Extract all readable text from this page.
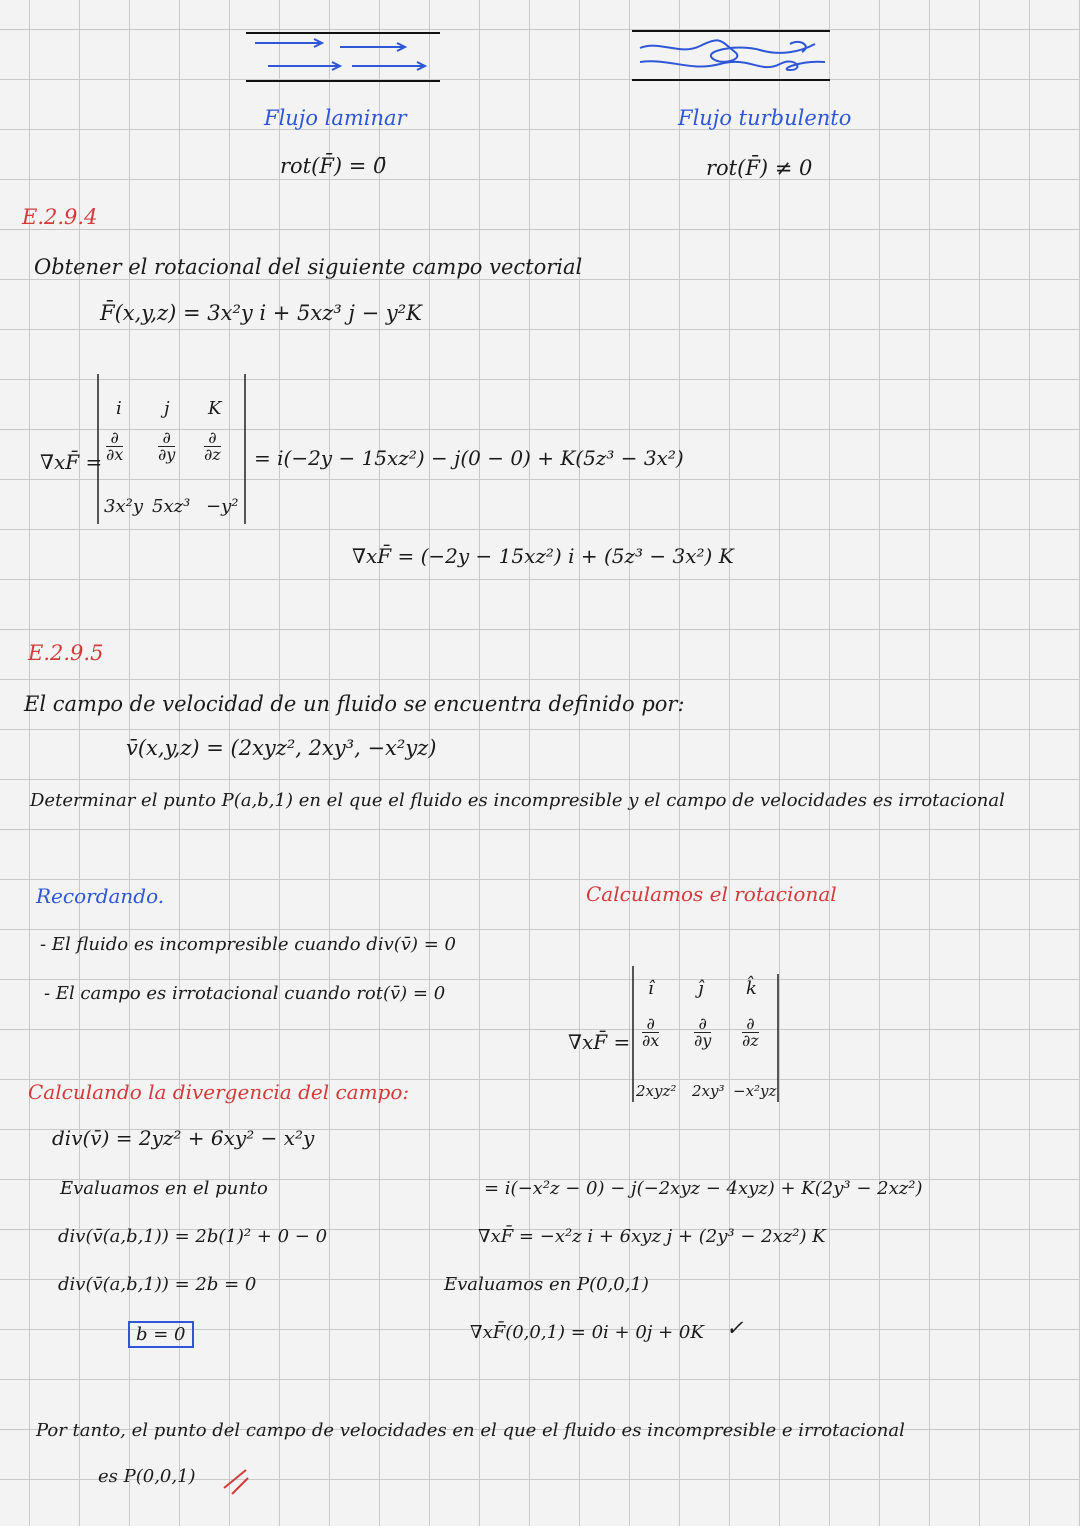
Flujo laminar
rot(F̄) = 0̄
Flujo turbulento
rot(F̄) ≠ 0
E.2.9.4
Obtener el rotacional del siguiente campo vectorial
F̄(x,y,z) = 3x²y i + 5xz³ j − y²K
∇xF̄ =
i j K
∂
∂x
∂
∂y
∂
∂z
3x²y 5xz³ −y²
= i(−2y − 15xz²) − j(0 − 0) + K(5z³ − 3x²)
∇xF̄ = (−2y − 15xz²) i + (5z³ − 3x²) K
E.2.9.5
El campo de velocidad de un fluido se encuentra definido por:
v̄(x,y,z) = (2xyz², 2xy³, −x²yz)
Determinar el punto P(a,b,1) en el que el fluido es incompresible y el campo de velocidades es irrotacional
Recordando.
- El fluido es incompresible cuando div(v̄) = 0
- El campo es irrotacional cuando rot(v̄) = 0
Calculando la divergencia del campo:
div(v̄) = 2yz² + 6xy² − x²y
Evaluamos en el punto
div(v̄(a,b,1)) = 2b(1)² + 0 − 0
div(v̄(a,b,1)) = 2b = 0
b = 0
Calculamos el rotacional
∇xF̄ =
î ĵ k̂
∂
∂x
∂
∂y
∂
∂z
2xyz² 2xy³ −x²yz
= i(−x²z − 0) − j(−2xyz − 4xyz) + K(2y³ − 2xz²)
∇xF̄ = −x²z i + 6xyz j + (2y³ − 2xz²) K
Evaluamos en P(0,0,1)
∇xF̄(0,0,1) = 0i + 0j + 0K ✓
Por tanto, el punto del campo de velocidades en el que el fluido es incompresible e irrotacional
es P(0,0,1)
